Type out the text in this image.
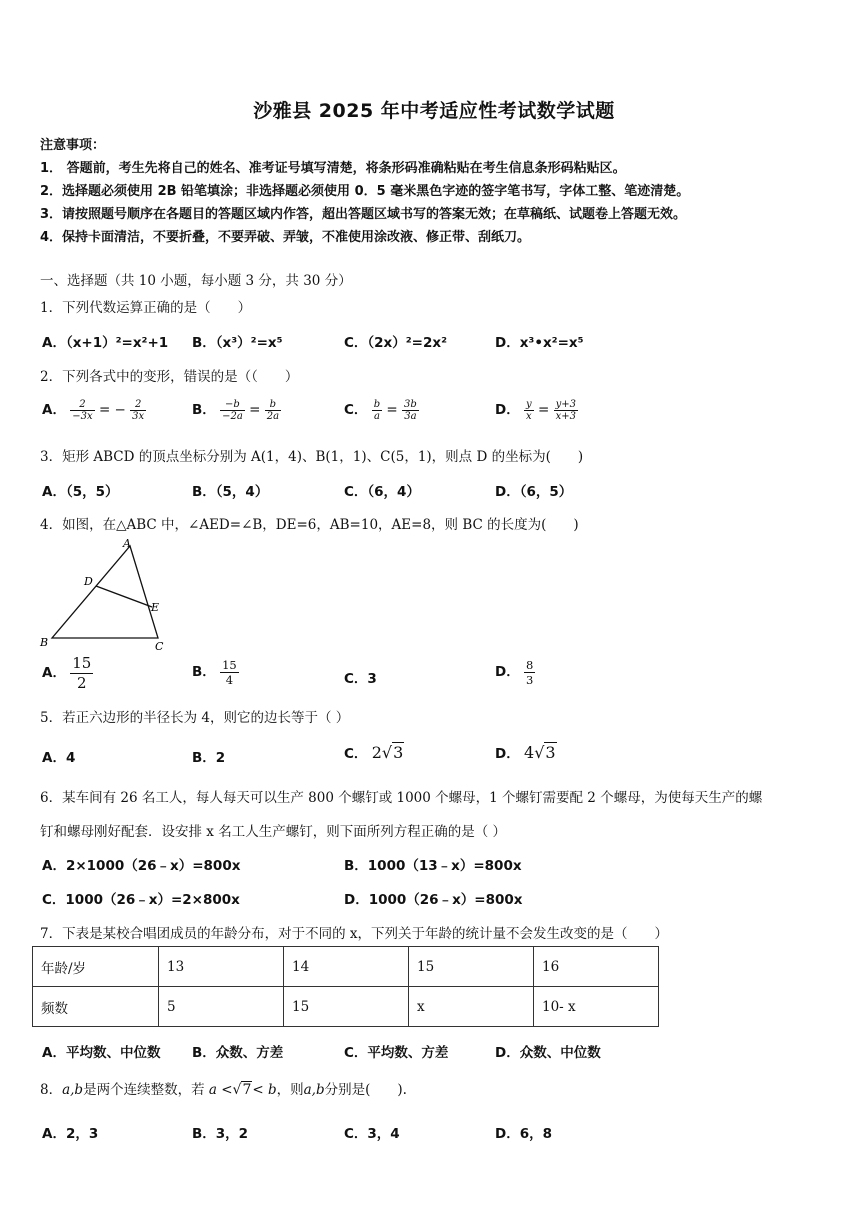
沙雅县 2025 年中考适应性考试数学试题
注意事项：
1． 答题前，考生先将自己的姓名、准考证号填写清楚，将条形码准确粘贴在考生信息条形码粘贴区。
2．选择题必须使用 2B 铅笔填涂；非选择题必须使用 0．5 毫米黑色字迹的签字笔书写，字体工整、笔迹清楚。
3．请按照题号顺序在各题目的答题区域内作答，超出答题区域书写的答案无效；在草稿纸、试题卷上答题无效。
4．保持卡面清洁，不要折叠，不要弄破、弄皱，不准使用涂改液、修正带、刮纸刀。
一、选择题（共 10 小题，每小题 3 分，共 30 分）
1．下列代数运算正确的是（　　）
A．（x+1）²=x²+1 B．（x³）²=x⁵	C．（2x）²=2x²	D．x³•x²=x⁵
2．下列各式中的变形，错误的是（（　　）
A． $\frac{2}{-3x}$ = − $\frac{2}{3x}$	B． $\frac{-b}{-2a} = \frac{b}{2a}$	C． $\frac{b}{a} = \frac{3b}{3a}$	D． $\frac{y}{x} = \frac{y+3}{x+3}$
3．矩形 ABCD 的顶点坐标分别为 A(1，4)、B(1，1)、C(5，1)，则点 D 的坐标为(　　)
A．（5，5）	B．（5，4）	C．（6，4）	D．（6，5）
4．如图，在△ABC 中，∠AED=∠B，DE=6，AB=10，AE=8，则 BC 的长度为(　　)
A
D
E
B	C
A． $\frac{15}{2}$	B． $\frac{15}{4}$	C．3	D． $\frac{8}{3}$
5．若正六边形的半径长为 4，则它的边长等于（ ）
A．4	B．2	C． 2√3	D． 4√3
6．某车间有 26 名工人，每人每天可以生产 800 个螺钉或 1000 个螺母，1 个螺钉需要配 2 个螺母，为使每天生产的螺
钉和螺母刚好配套．设安排 x 名工人生产螺钉，则下面所列方程正确的是（ ）
A．2×1000（26﹣x）=800x	B．1000（13﹣x）=800x
C．1000（26﹣x）=2×800x	D．1000（26﹣x）=800x
7．下表是某校合唱团成员的年龄分布，对于不同的 x，下列关于年龄的统计量不会发生改变的是（　　）
年龄/岁	13	14	15	16
频数	5	15	x	10- x
A．平均数、中位数 B．众数、方差	C．平均数、方差	D．众数、中位数
8．a,b是两个连续整数，若 a <√7< b，则a,b分别是(　　).
A．2，3	B．3，2	C．3，4	D．6，8
